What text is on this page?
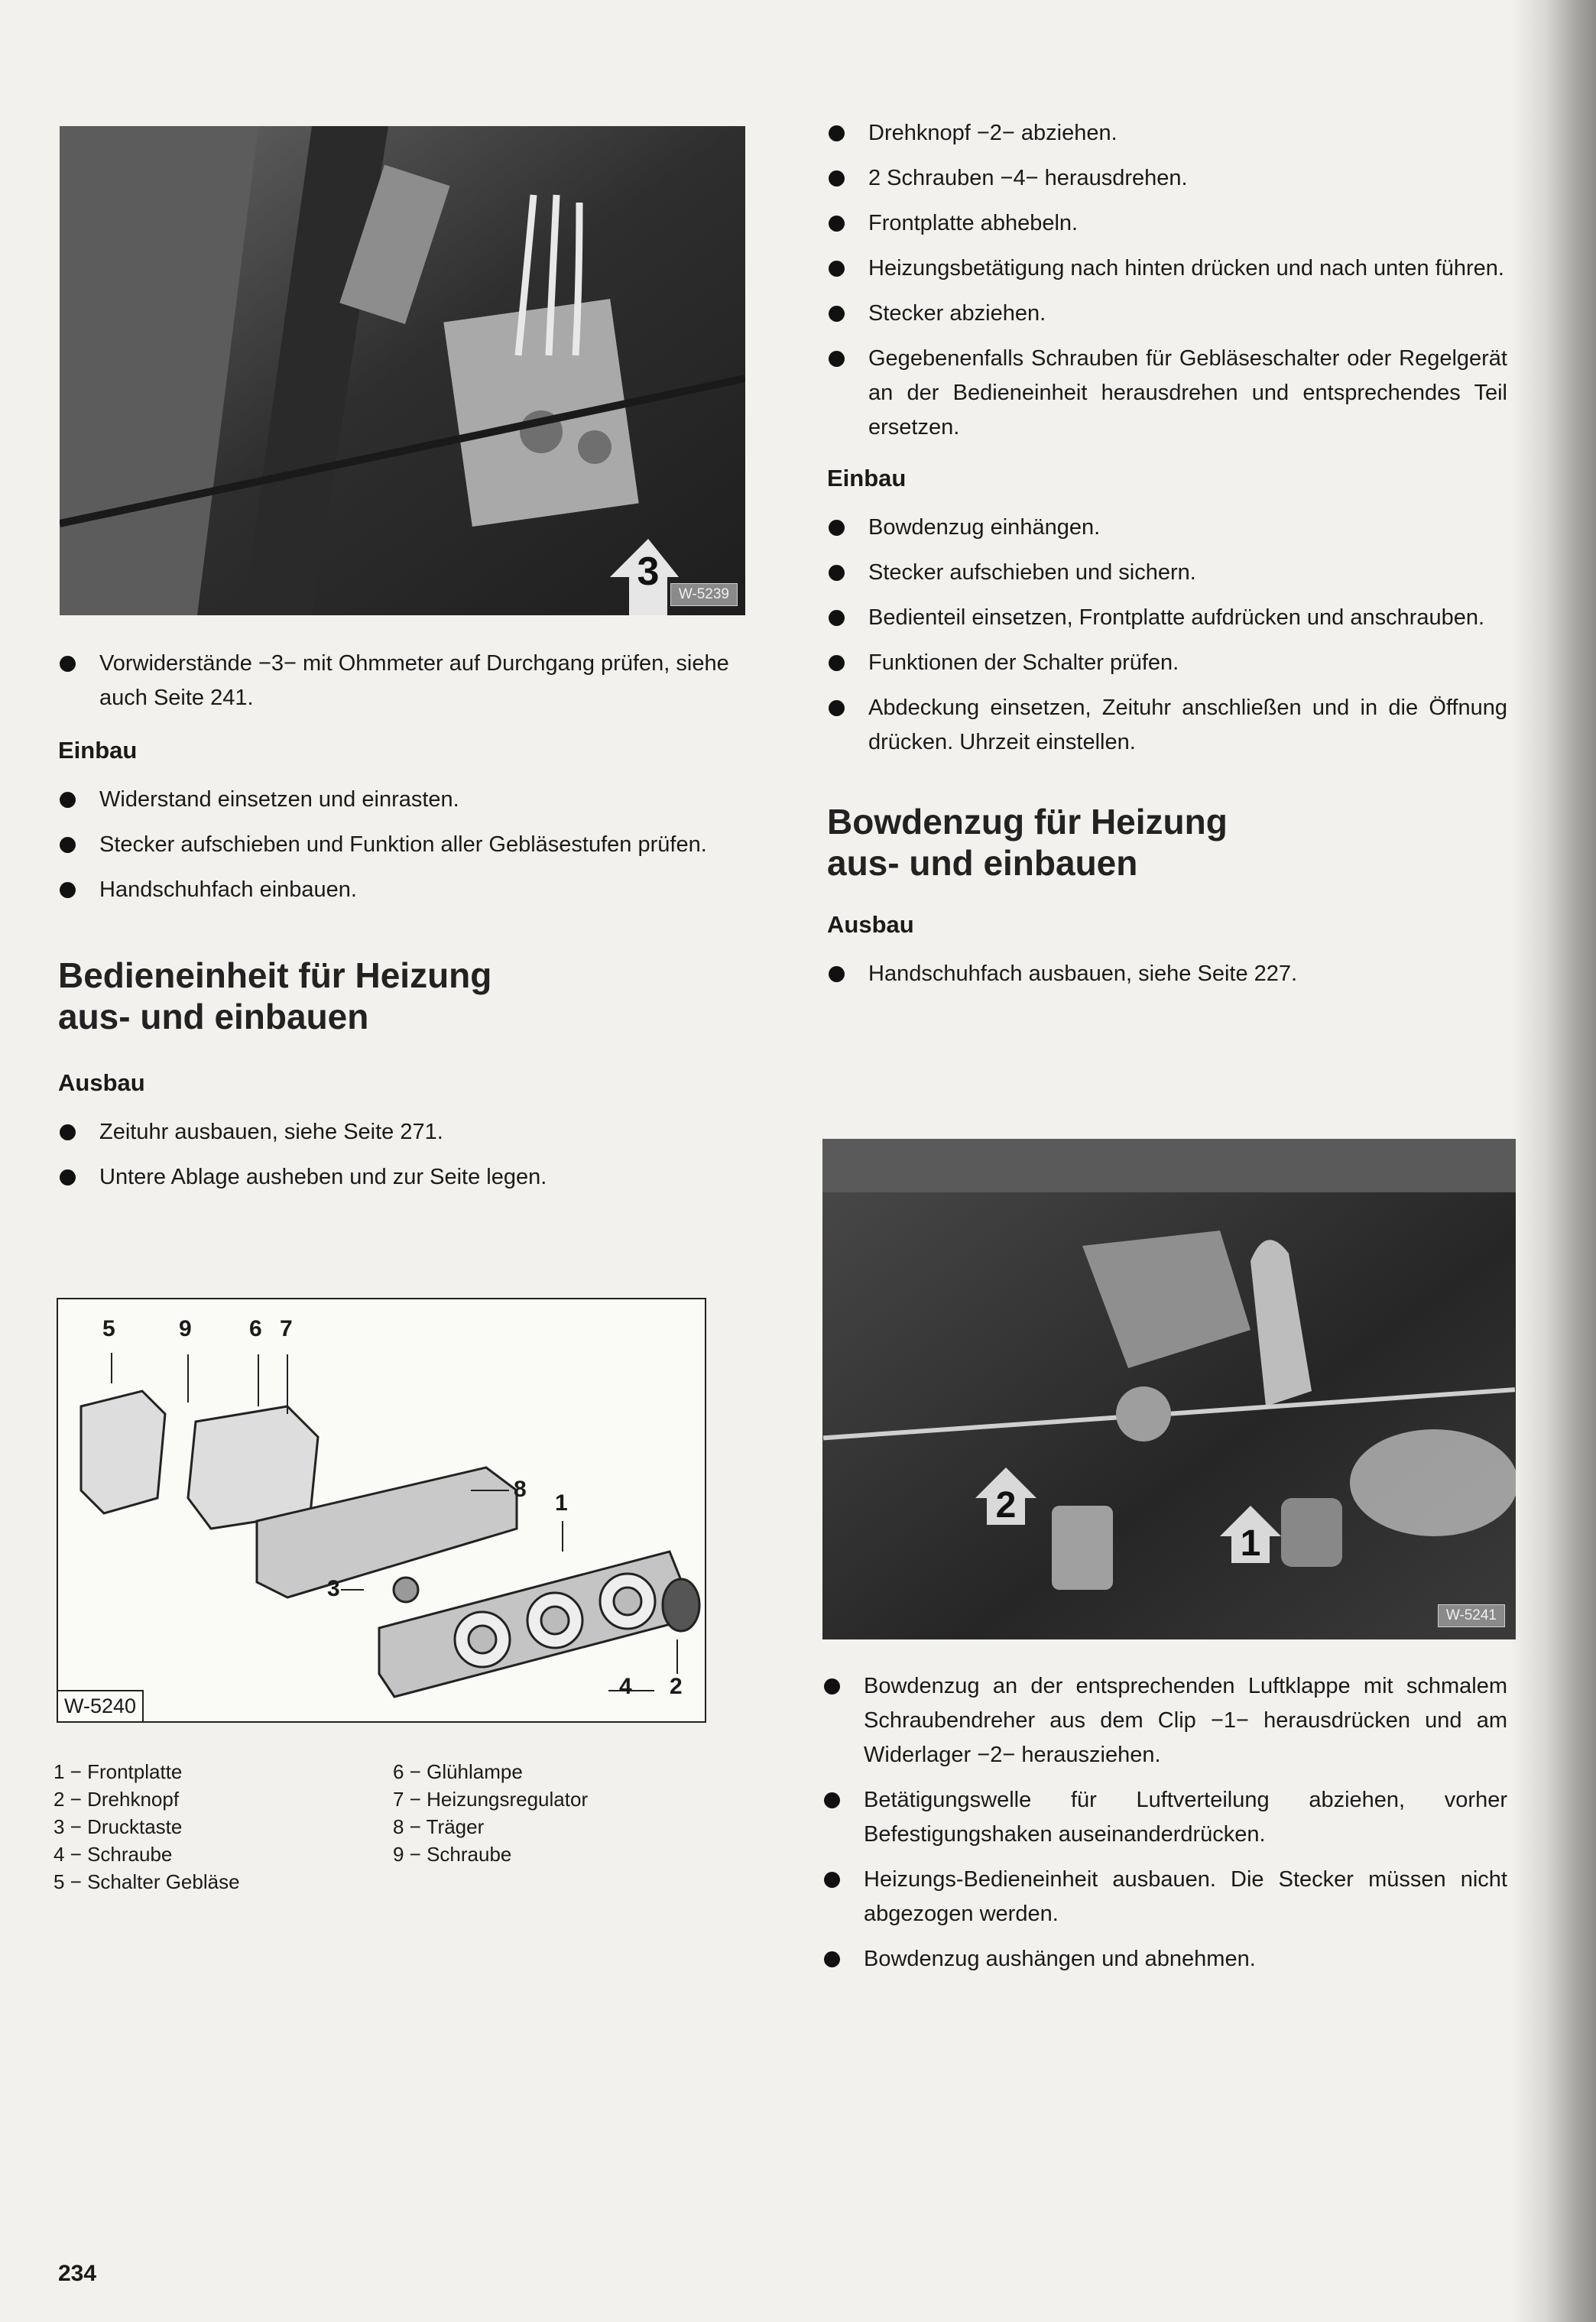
3
W-5239
Vorwiderstände −3− mit Ohmmeter auf Durchgang prüfen, siehe auch Seite 241.
Einbau
Widerstand einsetzen und einrasten.
Stecker aufschieben und Funktion aller Gebläsestufen prüfen.
Handschuhfach einbauen.
Bedieneinheit für Heizung
aus- und einbauen
Ausbau
Zeituhr ausbauen, siehe Seite 271.
Untere Ablage ausheben und zur Seite legen.
5	9	6 7
8
1
3
4 2
W-5240
1 − Frontplatte
2 − Drehknopf
3 − Drucktaste
4 − Schraube
5 − Schalter Gebläse
6 − Glühlampe
7 − Heizungsregulator
8 − Träger
9 − Schraube
Drehknopf −2− abziehen.
2 Schrauben −4− herausdrehen.
Frontplatte abhebeln.
Heizungsbetätigung nach hinten drücken und nach unten führen.
Stecker abziehen.
Gegebenenfalls Schrauben für Gebläseschalter oder Regelgerät an der Bedieneinheit herausdrehen und entsprechendes Teil ersetzen.
Einbau
Bowdenzug einhängen.
Stecker aufschieben und sichern.
Bedienteil einsetzen, Frontplatte aufdrücken und anschrauben.
Funktionen der Schalter prüfen.
Abdeckung einsetzen, Zeituhr anschließen und in die Öffnung drücken. Uhrzeit einstellen.
Bowdenzug für Heizung
aus- und einbauen
Ausbau
Handschuhfach ausbauen, siehe Seite 227.
2
1
W-5241
Bowdenzug an der entsprechenden Luftklappe mit schmalem Schraubendreher aus dem Clip −1− herausdrücken und am Widerlager −2− herausziehen.
Betätigungswelle für Luftverteilung abziehen, vorher Befestigungshaken auseinanderdrücken.
Heizungs-Bedieneinheit ausbauen. Die Stecker müssen nicht abgezogen werden.
Bowdenzug aushängen und abnehmen.
234
